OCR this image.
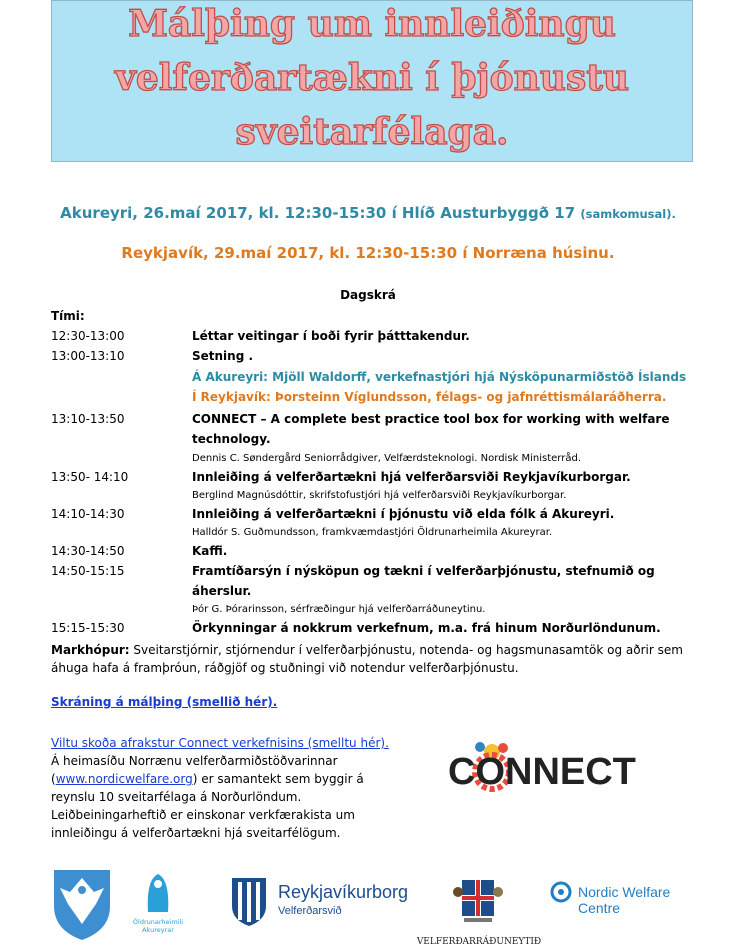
Málþing um innleiðingu
velferðartækni í þjónustu
sveitarfélaga.
Akureyri, 26.maí 2017, kl. 12:30-15:30 í Hlíð Austurbyggð 17 (samkomusal).
Reykjavík, 29.maí 2017, kl. 12:30-15:30 í Norræna húsinu.
Dagskrá
Tími:
12:30-13:00	Léttar veitingar í boði fyrir þátttakendur.
13:00-13:10	Setning .
Á Akureyri: Mjöll Waldorff, verkefnastjóri hjá Nýsköpunarmiðstöð Íslands
Í Reykjavík: Þorsteinn Víglundsson, félags- og jafnréttismálaráðherra.
13:10-13:50	CONNECT – A complete best practice tool box for working with welfare technology.
Dennis C. Søndergård Seniorrådgiver, Velfærdsteknologi. Nordisk Ministerråd.
13:50- 14:10	Innleiðing á velferðartækni hjá velferðarsviði Reykjavíkurborgar.
Berglind Magnúsdóttir, skrifstofustjóri hjá velferðarsviði Reykjavíkurborgar.
14:10-14:30	Innleiðing á velferðartækni í þjónustu við elda fólk á Akureyri.
Halldór S. Guðmundsson, framkvæmdastjóri Öldrunarheimila Akureyrar.
14:30-14:50	Kaffi.
14:50-15:15	Framtíðarsýn í nýsköpun og tækni í velferðarþjónustu, stefnumið og áherslur.
Þór G. Þórarinsson, sérfræðingur hjá velferðarráðuneytinu.
15:15-15:30	Örkynningar á nokkrum verkefnum, m.a. frá hinum Norðurlöndunum.
Markhópur: Sveitarstjórnir, stjórnendur í velferðarþjónustu, notenda- og hagsmunasamtök og aðrir sem áhuga hafa á framþróun, ráðgjöf og stuðningi við notendur velferðarþjónustu.
Skráning á málþing (smellið hér).
Viltu skoða afrakstur Connect verkefnisins (smelltu hér).
Á heimasíðu Norrænu velferðarmiðstöðvarinnar (www.nordicwelfare.org) er samantekt sem byggir á reynslu 10 sveitarfélaga á Norðurlöndum. Leiðbeiningarheftið er einskonar verkfærakista um innleiðingu á velferðartækni hjá sveitarfélögum.
CONNECT
Öldrunarheimili
Akureyrar
Reykjavíkurborg
Velferðarsvið
VELFERÐARRÁÐUNEYTIÐ
Nordic Welfare
Centre
